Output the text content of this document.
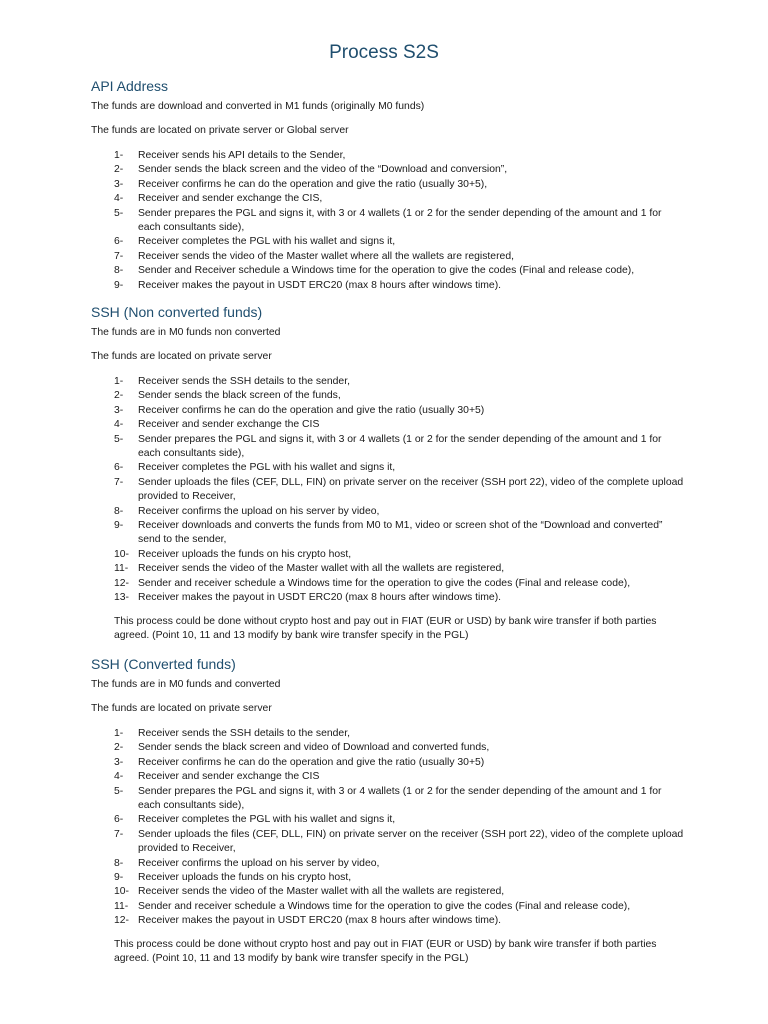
Process S2S
API Address
The funds are download and converted in M1 funds (originally M0 funds)
The funds are located on private server or Global server
1- Receiver sends his API details to the Sender,
2- Sender sends the black screen and the video of the “Download and conversion”,
3- Receiver confirms he can do the operation and give the ratio (usually 30+5),
4- Receiver and sender exchange the CIS,
5- Sender prepares the PGL and signs it, with 3 or 4 wallets (1 or 2 for the sender depending of the amount and 1 for each consultants side),
6- Receiver completes the PGL with his wallet and signs it,
7- Receiver sends the video of the Master wallet where all the wallets are registered,
8- Sender and Receiver schedule a Windows time for the operation to give the codes (Final and release code),
9- Receiver makes the payout in USDT ERC20 (max 8 hours after windows time).
SSH (Non converted funds)
The funds are in M0 funds non converted
The funds are located on private server
1- Receiver sends the SSH details to the sender,
2- Sender sends the black screen of the funds,
3- Receiver confirms he can do the operation and give the ratio (usually 30+5)
4- Receiver and sender exchange the CIS
5- Sender prepares the PGL and signs it, with 3 or 4 wallets (1 or 2 for the sender depending of the amount and 1 for each consultants side),
6- Receiver completes the PGL with his wallet and signs it,
7- Sender uploads the files (CEF, DLL, FIN) on private server on the receiver (SSH port 22), video of the complete upload provided to Receiver,
8- Receiver confirms the upload on his server by video,
9- Receiver downloads and converts the funds from M0 to M1, video or screen shot of the “Download and converted” send to the sender,
10- Receiver uploads the funds on his crypto host,
11- Receiver sends the video of the Master wallet with all the wallets are registered,
12- Sender and receiver schedule a Windows time for the operation to give the codes (Final and release code),
13- Receiver makes the payout in USDT ERC20 (max 8 hours after windows time).
This process could be done without crypto host and pay out in FIAT (EUR or USD) by bank wire transfer if both parties agreed. (Point 10, 11 and 13 modify by bank wire transfer specify in the PGL)
SSH (Converted funds)
The funds are in M0 funds and converted
The funds are located on private server
1- Receiver sends the SSH details to the sender,
2- Sender sends the black screen and video of Download and converted funds,
3- Receiver confirms he can do the operation and give the ratio (usually 30+5)
4- Receiver and sender exchange the CIS
5- Sender prepares the PGL and signs it, with 3 or 4 wallets (1 or 2 for the sender depending of the amount and 1 for each consultants side),
6- Receiver completes the PGL with his wallet and signs it,
7- Sender uploads the files (CEF, DLL, FIN) on private server on the receiver (SSH port 22), video of the complete upload provided to Receiver,
8- Receiver confirms the upload on his server by video,
9- Receiver uploads the funds on his crypto host,
10- Receiver sends the video of the Master wallet with all the wallets are registered,
11- Sender and receiver schedule a Windows time for the operation to give the codes (Final and release code),
12- Receiver makes the payout in USDT ERC20 (max 8 hours after windows time).
This process could be done without crypto host and pay out in FIAT (EUR or USD) by bank wire transfer if both parties agreed. (Point 10, 11 and 13 modify by bank wire transfer specify in the PGL)
